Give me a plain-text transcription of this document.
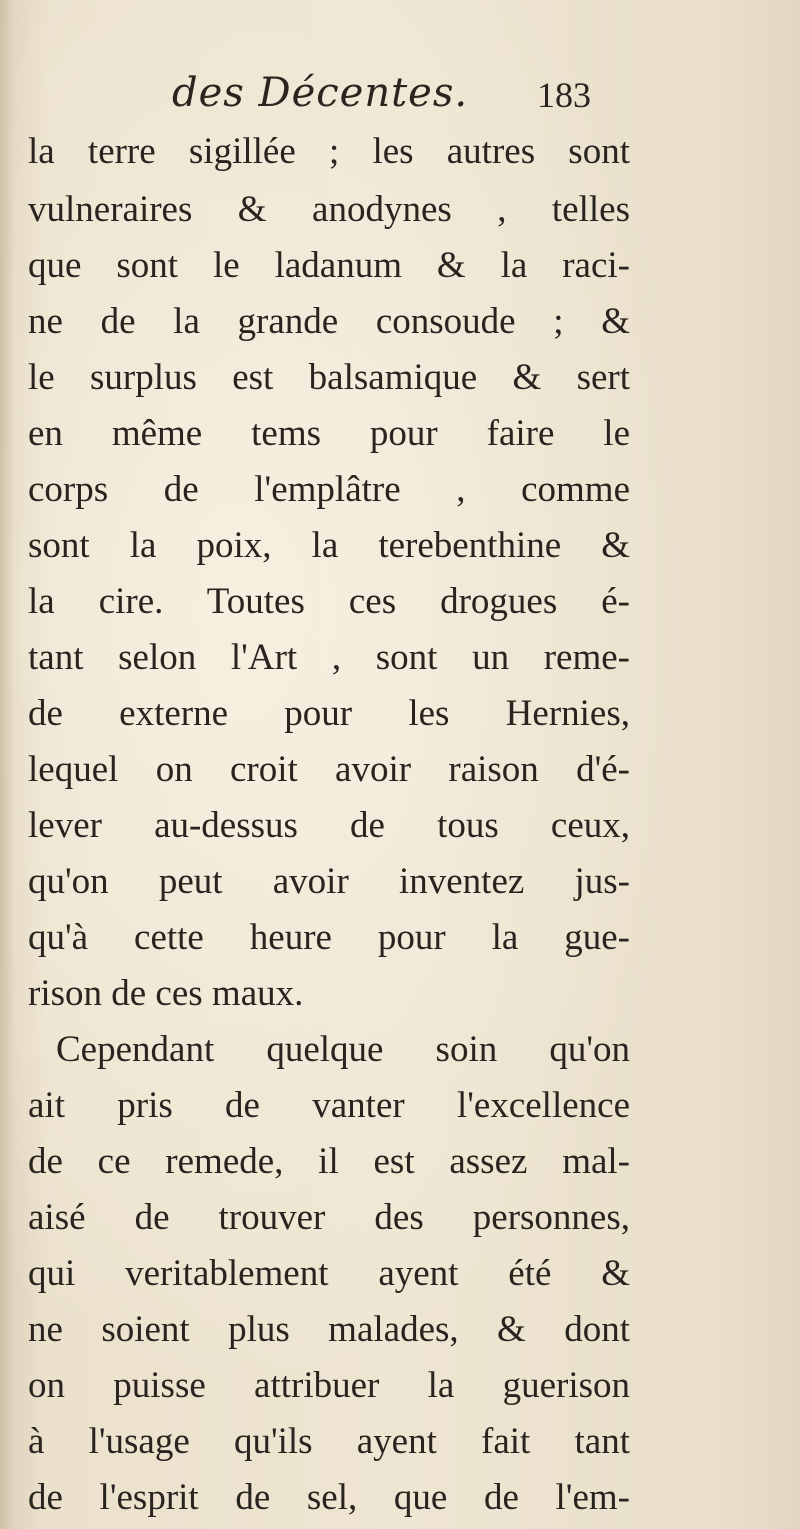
des Décentes. 183
la terre sigillée ; les autres sont
vulneraires & anodynes , telles
que sont le ladanum & la raci-
ne de la grande consoude ; &
le surplus est balsamique & sert
en même tems pour faire le
corps de l'emplâtre , comme
sont la poix, la terebenthine &
la cire. Toutes ces drogues é-
tant selon l'Art , sont un reme-
de externe pour les Hernies,
lequel on croit avoir raison d'é-
lever au-dessus de tous ceux,
qu'on peut avoir inventez jus-
qu'à cette heure pour la gue-
rison de ces maux.
Cependant quelque soin qu'on
ait pris de vanter l'excellence
de ce remede, il est assez mal-
aisé de trouver des personnes,
qui veritablement ayent été &
ne soient plus malades, & dont
on puisse attribuer la guerison
à l'usage qu'ils ayent fait tant
de l'esprit de sel, que de l'em-
